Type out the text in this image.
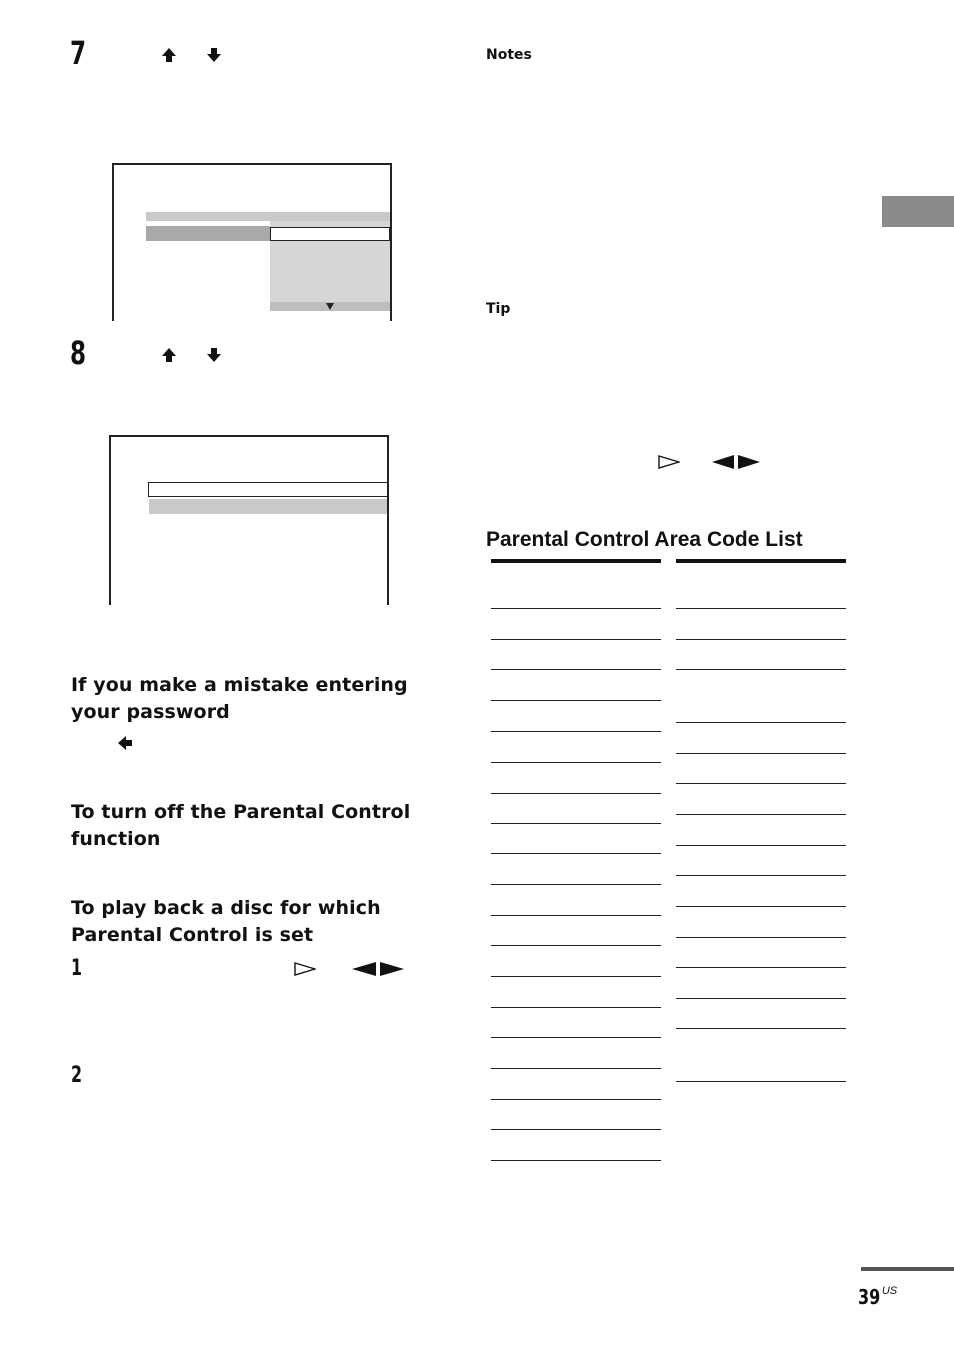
7
8
If you make a mistake entering your password
To turn off the Parental Control function
To play back a disc for which Parental Control is set
1
2
Notes
Tip
Parental Control Area Code List
39 $^{US}$
